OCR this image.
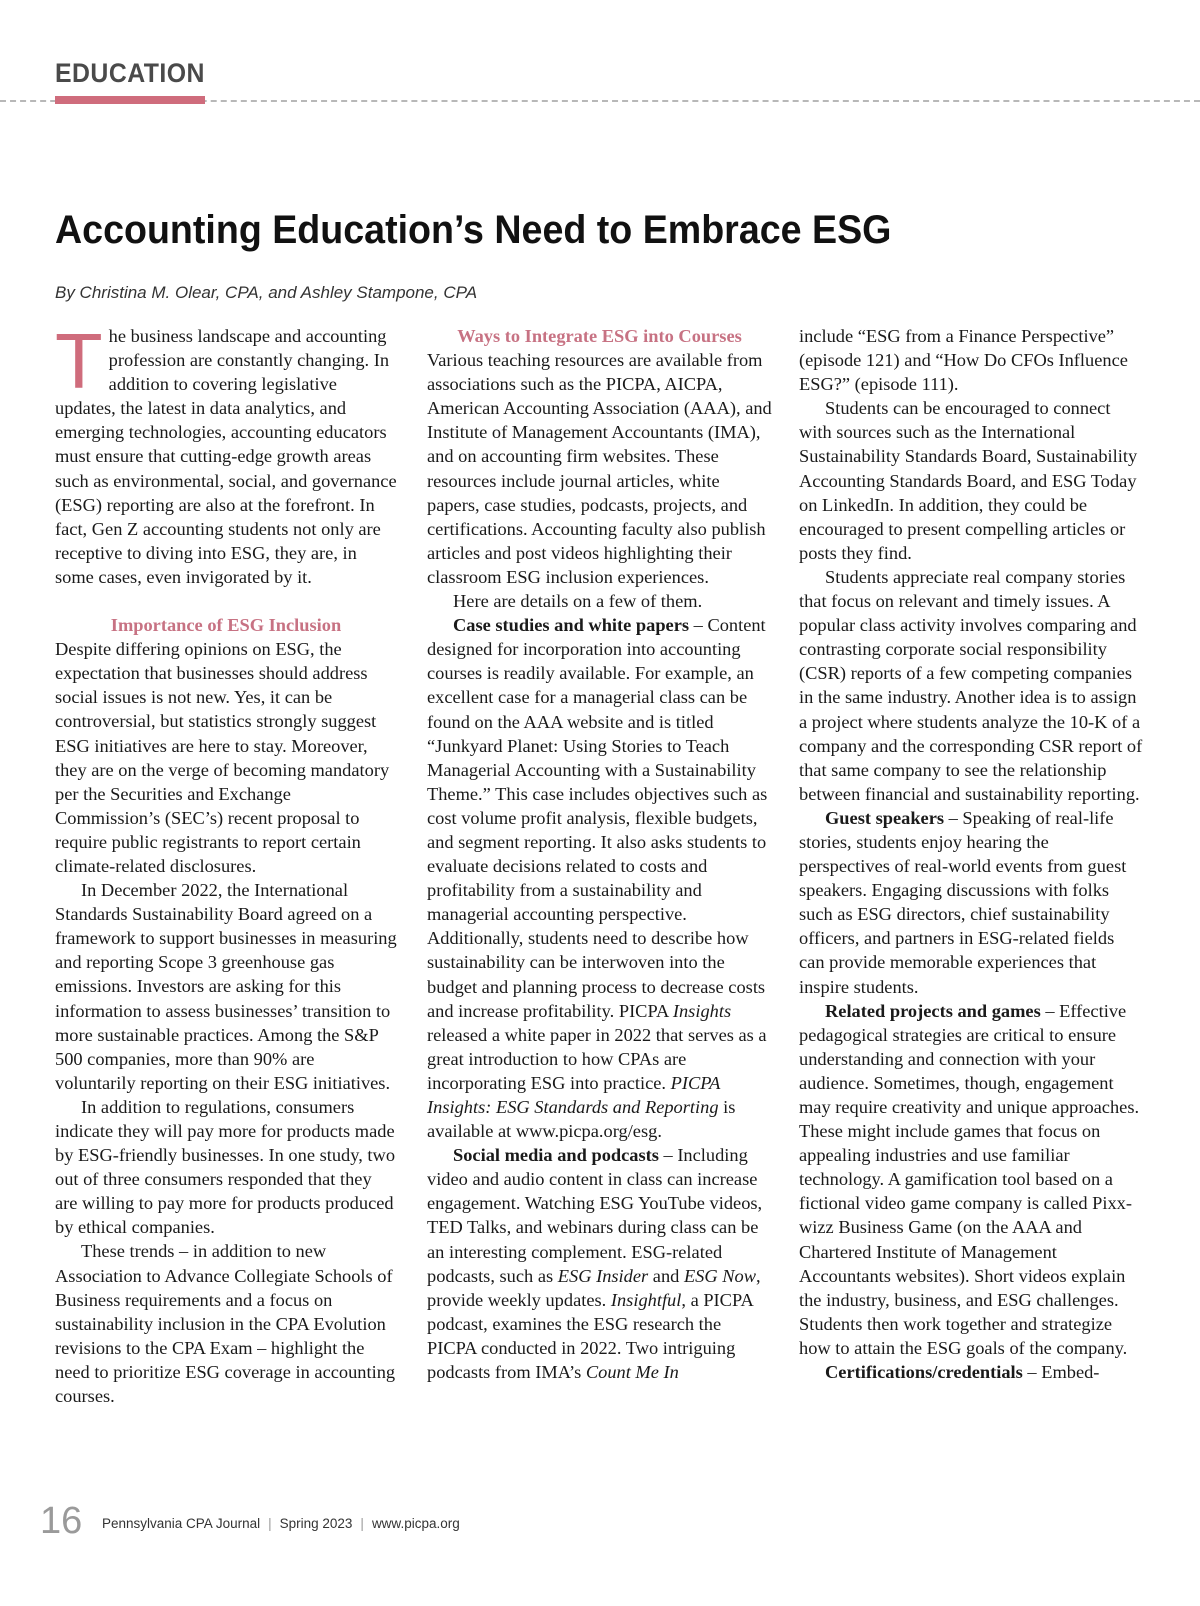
EDUCATION
Accounting Education’s Need to Embrace ESG

By Christina M. Olear, CPA, and Ashley Stampone, CPA

The business landscape and accounting profession are constantly changing. In addition to covering legislative updates, the latest in data analytics, and emerging technologies, accounting educators must ensure that cutting-edge growth areas such as environmental, social, and governance (ESG) reporting are also at the forefront. In fact, Gen Z accounting students not only are receptive to diving into ESG, they are, in some cases, even invigorated by it.

Importance of ESG Inclusion

Despite differing opinions on ESG, the expectation that businesses should address social issues is not new. Yes, it can be controversial, but statistics strongly suggest ESG initiatives are here to stay. Moreover, they are on the verge of becoming mandatory per the Securities and Exchange Commission’s (SEC’s) recent proposal to require public registrants to report certain climate-related disclosures.

In December 2022, the International Standards Sustainability Board agreed on a framework to support businesses in measuring and reporting Scope 3 greenhouse gas emissions. Investors are asking for this information to assess businesses’ transition to more sustainable practices. Among the S&P 500 companies, more than 90% are voluntarily reporting on their ESG initiatives.

In addition to regulations, consumers indicate they will pay more for products made by ESG-friendly businesses. In one study, two out of three consumers responded that they are willing to pay more for products produced by ethical companies.

These trends – in addition to new Association to Advance Collegiate Schools of Business requirements and a focus on sustainability inclusion in the CPA Evolution revisions to the CPA Exam – highlight the need to prioritize ESG coverage in accounting courses.

Ways to Integrate ESG into Courses

Various teaching resources are available from associations such as the PICPA, AICPA, American Accounting Association (AAA), and Institute of Management Accountants (IMA), and on accounting firm websites. These resources include journal articles, white papers, case studies, podcasts, projects, and certifications. Accounting faculty also publish articles and post videos highlighting their classroom ESG inclusion experiences.

Here are details on a few of them.

Case studies and white papers – Content designed for incorporation into accounting courses is readily available. For example, an excellent case for a managerial class can be found on the AAA website and is titled “Junkyard Planet: Using Stories to Teach Managerial Accounting with a Sustainability Theme.” This case includes objectives such as cost volume profit analysis, flexible budgets, and segment reporting. It also asks students to evaluate decisions related to costs and profitability from a sustainability and managerial accounting perspective. Additionally, students need to describe how sustainability can be interwoven into the budget and planning process to decrease costs and increase profitability. PICPA Insights released a white paper in 2022 that serves as a great introduction to how CPAs are incorporating ESG into practice. PICPA Insights: ESG Standards and Reporting is available at www.picpa.org/esg.

Social media and podcasts – Including video and audio content in class can increase engagement. Watching ESG YouTube videos, TED Talks, and webinars during class can be an interesting complement. ESG-related podcasts, such as ESG Insider and ESG Now, provide weekly updates. Insightful, a PICPA podcast, examines the ESG research the PICPA conducted in 2022. Two intriguing podcasts from IMA’s Count Me In

include “ESG from a Finance Perspective” (episode 121) and “How Do CFOs Influence ESG?” (episode 111).

Students can be encouraged to connect with sources such as the International Sustainability Standards Board, Sustainability Accounting Standards Board, and ESG Today on LinkedIn. In addition, they could be encouraged to present compelling articles or posts they find.

Students appreciate real company stories that focus on relevant and timely issues. A popular class activity involves comparing and contrasting corporate social responsibility (CSR) reports of a few competing companies in the same industry. Another idea is to assign a project where students analyze the 10-K of a company and the corresponding CSR report of that same company to see the relationship between financial and sustainability reporting.

Guest speakers – Speaking of real-life stories, students enjoy hearing the perspectives of real-world events from guest speakers. Engaging discussions with folks such as ESG directors, chief sustainability officers, and partners in ESG-related fields can provide memorable experiences that inspire students.

Related projects and games – Effective pedagogical strategies are critical to ensure understanding and connection with your audience. Sometimes, though, engagement may require creativity and unique approaches. These might include games that focus on appealing industries and use familiar technology. A gamification tool based on a fictional video game company is called Pixx-wizz Business Game (on the AAA and Chartered Institute of Management Accountants websites). Short videos explain the industry, business, and ESG challenges. Students then work together and strategize how to attain the ESG goals of the company.

Certifications/credentials – Embed-

16 Pennsylvania CPA Journal | Spring 2023 | www.picpa.org
